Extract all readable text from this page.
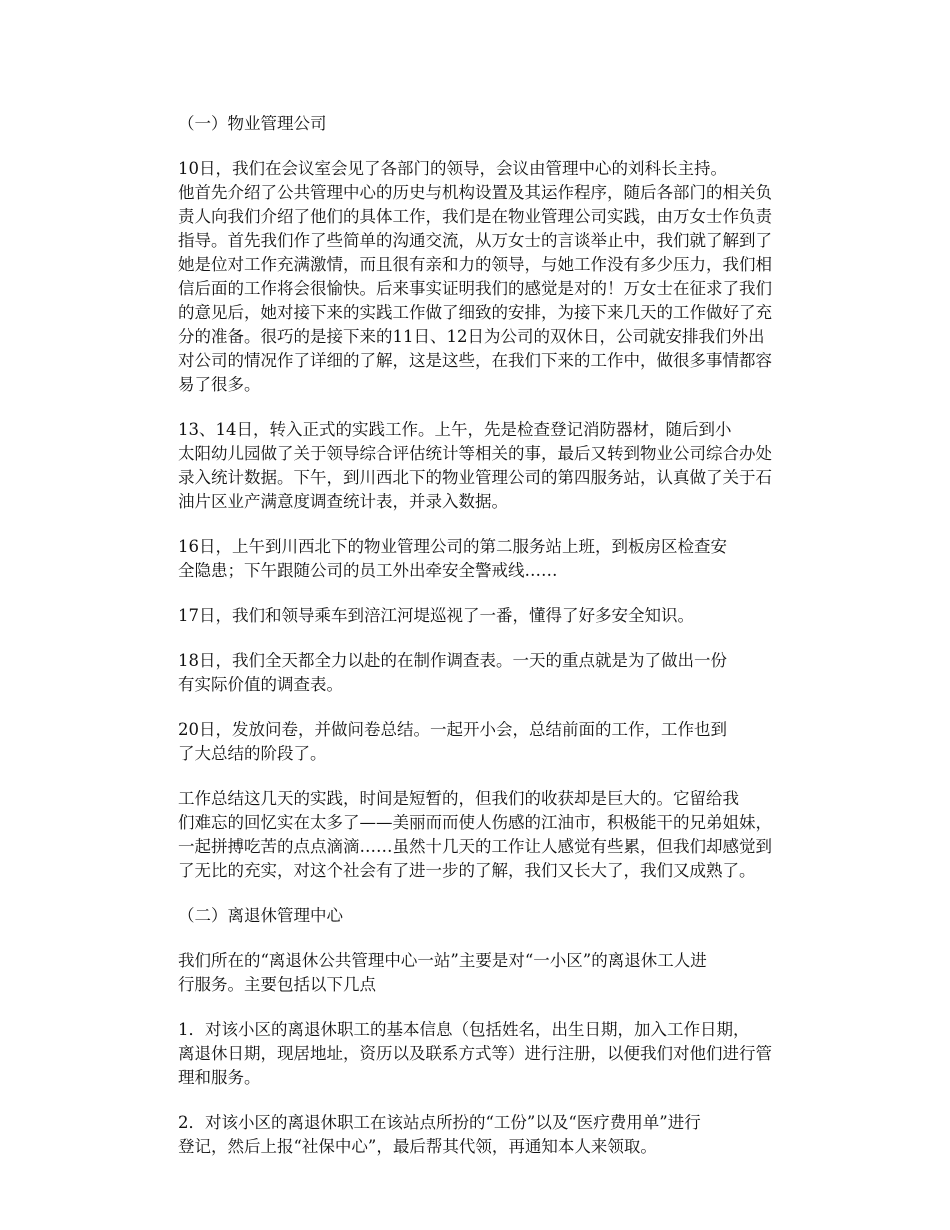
（一）物业管理公司
10日，我们在会议室会见了各部门的领导，会议由管理中心的刘科长主持。
他首先介绍了公共管理中心的历史与机构设置及其运作程序，随后各部门的相关负
责人向我们介绍了他们的具体工作，我们是在物业管理公司实践，由万女士作负责
指导。首先我们作了些简单的沟通交流，从万女士的言谈举止中，我们就了解到了
她是位对工作充满激情，而且很有亲和力的领导，与她工作没有多少压力，我们相
信后面的工作将会很愉快。后来事实证明我们的感觉是对的！万女士在征求了我们
的意见后，她对接下来的实践工作做了细致的安排，为接下来几天的工作做好了充
分的准备。很巧的是接下来的11日、12日为公司的双休日，公司就安排我们外出
对公司的情况作了详细的了解，这是这些，在我们下来的工作中，做很多事情都容
易了很多。
13、14日，转入正式的实践工作。上午，先是检查登记消防器材，随后到小
太阳幼儿园做了关于领导综合评估统计等相关的事，最后又转到物业公司综合办处
录入统计数据。下午，到川西北下的物业管理公司的第四服务站，认真做了关于石
油片区业产满意度调查统计表，并录入数据。
16日，上午到川西北下的物业管理公司的第二服务站上班，到板房区检查安
全隐患；下午跟随公司的员工外出牵安全警戒线……
17日，我们和领导乘车到涪江河堤巡视了一番，懂得了好多安全知识。
18日，我们全天都全力以赴的在制作调查表。一天的重点就是为了做出一份
有实际价值的调查表。
20日，发放问卷，并做问卷总结。一起开小会，总结前面的工作，工作也到
了大总结的阶段了。
工作总结这几天的实践，时间是短暂的，但我们的收获却是巨大的。它留给我
们难忘的回忆实在太多了——美丽而而使人伤感的江油市，积极能干的兄弟姐妹，
一起拼搏吃苦的点点滴滴……虽然十几天的工作让人感觉有些累，但我们却感觉到
了无比的充实，对这个社会有了进一步的了解，我们又长大了，我们又成熟了。
（二）离退休管理中心
我们所在的“离退休公共管理中心一站”主要是对“一小区”的离退休工人进
行服务。主要包括以下几点
1．对该小区的离退休职工的基本信息（包括姓名，出生日期，加入工作日期，
离退休日期，现居地址，资历以及联系方式等）进行注册，以便我们对他们进行管
理和服务。
2．对该小区的离退休职工在该站点所扮的“工份”以及“医疗费用单”进行
登记，然后上报“社保中心”，最后帮其代领，再通知本人来领取。
